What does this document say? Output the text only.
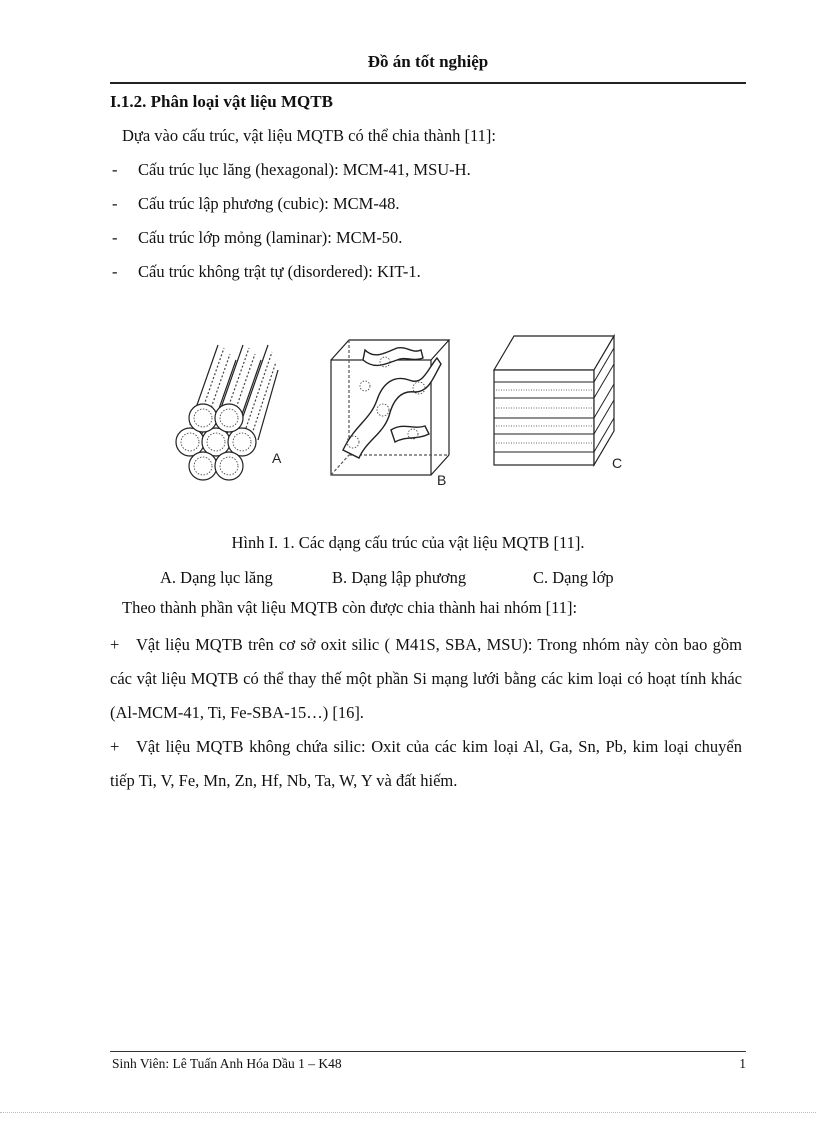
Đồ án tốt nghiệp
I.1.2. Phân loại vật liệu MQTB
Dựa vào cấu trúc, vật liệu MQTB có thể chia thành [11]:
- Cấu trúc lục lăng (hexagonal): MCM-41, MSU-H.
- Cấu trúc lập phương (cubic): MCM-48.
- Cấu trúc lớp mỏng (laminar): MCM-50.
- Cấu trúc không trật tự (disordered): KIT-1.
A
B
C
Hình I. 1. Các dạng cấu trúc của vật liệu MQTB [11].
A. Dạng lục lăng	B. Dạng lập phương	C. Dạng lớp
Theo thành phần vật liệu MQTB còn được chia thành hai nhóm [11]:
+ Vật liệu MQTB trên cơ sở oxit silic ( M41S, SBA, MSU): Trong nhóm này còn bao gồm các vật liệu MQTB có thể thay thế một phần Si mạng lưới bằng các kim loại có hoạt tính khác (Al-MCM-41, Ti, Fe-SBA-15…) [16].
+ Vật liệu MQTB không chứa silic: Oxit của các kim loại Al, Ga, Sn, Pb, kim loại chuyển tiếp Ti, V, Fe, Mn, Zn, Hf, Nb, Ta, W, Y và đất hiếm.
Sinh Viên: Lê Tuấn Anh Hóa Dầu 1 – K48	1
